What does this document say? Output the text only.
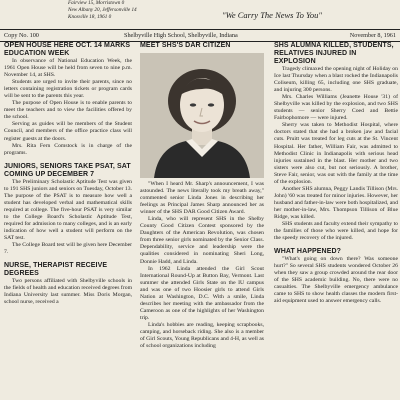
Fairview 15, Morristown 0
New Albany 20, Jeffersonville 14
Knoxville 18, 1961 0	"We Carry The News To You"
Copy No. 100	Shelbyville High School, Shelbyville, Indiana	November 8, 1961
OPEN HOUSE HERE OCT. 14 MARKS EDUCATION WEEK

In observance of National Education Week, the 1961 Open House will be held from seven to nine p.m. November 14, at SHS.

Students are urged to invite their parents, since no letters containing registration tickets or program cards will be sent to the parents this year.

The purpose of Open House is to enable parents to meet the teachers and to view the facilities offered by the school.

Serving as guides will be members of the Student Council, and members of the office practice class will register guests at the doors.

Mrs. Rita Fern Comstock is in charge of the programs.

JUNIORS, SENIORS TAKE PSAT, SAT COMING UP DECEMBER 7

The Preliminary Scholastic Aptitude Test was given to 191 SHS juniors and seniors on Tuesday, October 13. The purpose of the PSAT is to measure how well a student has developed verbal and mathematical skills required at college. The five-hour PSAT is very similar to the College Board's Scholastic Aptitude Test, required for admission to many colleges, and is an early indication of how well a student will perform on the SAT test.

The College Board test will be given here December 7.

NURSE, THERAPIST RECEIVE DEGREES

Two persons affiliated with Shelbyville schools in the fields of health and education received degrees from Indiana University last summer. Miss Doris Morgan, school nurse, received a

MEET SHS'S DAR CITIZEN
"When I heard Mr. Sharp's announcement, I was astounded. The news literally took my breath away," commented senior Linda Jones in describing her feelings as Principal James Sharp announced her as winner of the SHS DAR Good Citizen Award.

Linda, who will represent SHS in the Shelby County Good Citizen Contest sponsored by the Daughters of the American Revolution, was chosen from three senior girls nominated by the Senior Class. Dependability, service and leadership were the qualities considered in nominating Sheri Long, Donnie Hadd, and Linda.

In 1962 Linda attended the Girl Scout International Round-Up at Button Bay, Vermont. Last summer she attended Girls State on the IU campus and was one of two Hoosier girls to attend Girls Nation at Washington, D.C. With a smile, Linda describes her meeting with the ambassador from the Cameroon as one of the highlights of her Washington trip.

Linda's hobbies are reading, keeping scrapbooks, camping, and horseback riding. She also is a member of Girl Scouts, Young Republicans and 4-H, as well as of school organizations including

SHS ALUMNA KILLED, STUDENTS, RELATIVES INJURED IN EXPLOSION

Tragedy climaxed the opening night of Holiday on Ice last Thursday when a blast rocked the Indianapolis Coliseum, killing 65, including one SHS graduate, and injuring 300 persons.

Mrs. Charles Williams (Jeanette House '31) of Shelbyville was killed by the explosion, and two SHS students — senior Sherry Coed and Bettie Fairbophomore — were injured.

Sherry was taken to Methodist Hospital, where doctors stated that she had a broken jaw and facial cuts. Pruitt was treated for leg cuts at the St. Vincent Hospital. Her father, William Fair, was admitted to Methodist Clinic in Indianapolis with serious head injuries sustained in the blast. Her mother and two sisters were also cut, but not seriously. A brother, Steve Fair, senior, was out with the family at the time of the explosion.

Another SHS alumna, Peggy Landis Tillison (Mrs. John) '60 was treated for minor injuries. However, her husband and father-in-law were both hospitalized, and her mother-in-law, Mrs. Thompson Tillison of Blue Ridge, was killed.

SHS students and faculty extend their sympathy to the families of those who were killed, and hope for the speedy recovery of the injured.

WHAT HAPPENED?

"What's going on down there? Was someone hurt?" So several SHS students wondered October 26 when they saw a group crowded around the rear door of the SHS academic building. No, there were no casualties. The Shelbyville emergency ambulance came to SHS to show health classes the modern first-aid equipment used to answer emergency calls.
